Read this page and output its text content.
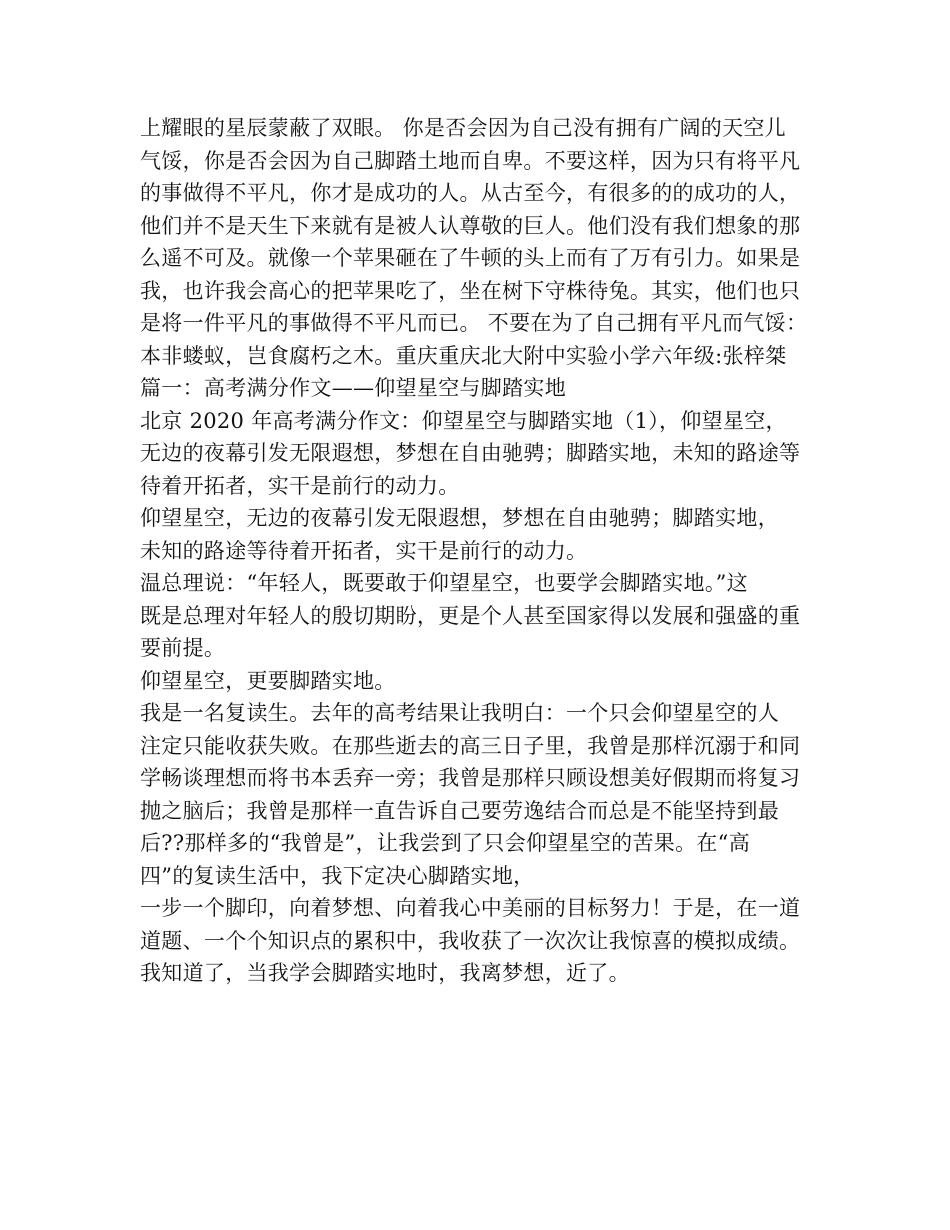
上耀眼的星辰蒙蔽了双眼。 你是否会因为自己没有拥有广阔的天空儿
气馁，你是否会因为自己脚踏土地而自卑。不要这样，因为只有将平凡
的事做得不平凡，你才是成功的人。从古至今，有很多的的成功的人，
他们并不是天生下来就有是被人认尊敬的巨人。他们没有我们想象的那
么遥不可及。就像一个苹果砸在了牛顿的头上而有了万有引力。如果是
我，也许我会高心的把苹果吃了，坐在树下守株待兔。其实，他们也只
是将一件平凡的事做得不平凡而已。 不要在为了自己拥有平凡而气馁：
本非蝼蚁，岂食腐朽之木。重庆重庆北大附中实验小学六年级:张梓桀
篇一：高考满分作文——仰望星空与脚踏实地
北京 2020 年高考满分作文：仰望星空与脚踏实地（1），仰望星空，
无边的夜幕引发无限遐想，梦想在自由驰骋；脚踏实地，未知的路途等
待着开拓者，实干是前行的动力。
仰望星空，无边的夜幕引发无限遐想，梦想在自由驰骋；脚踏实地，
未知的路途等待着开拓者，实干是前行的动力。
温总理说：“年轻人，既要敢于仰望星空，也要学会脚踏实地。”这
既是总理对年轻人的殷切期盼，更是个人甚至国家得以发展和强盛的重
要前提。
仰望星空，更要脚踏实地。
我是一名复读生。去年的高考结果让我明白：一个只会仰望星空的人
注定只能收获失败。在那些逝去的高三日子里，我曾是那样沉溺于和同
学畅谈理想而将书本丢弃一旁；我曾是那样只顾设想美好假期而将复习
抛之脑后；我曾是那样一直告诉自己要劳逸结合而总是不能坚持到最
后??那样多的“我曾是”，让我尝到了只会仰望星空的苦果。在“高
四”的复读生活中，我下定决心脚踏实地，
一步一个脚印，向着梦想、向着我心中美丽的目标努力！于是，在一道
道题、一个个知识点的累积中，我收获了一次次让我惊喜的模拟成绩。
我知道了，当我学会脚踏实地时，我离梦想，近了。
